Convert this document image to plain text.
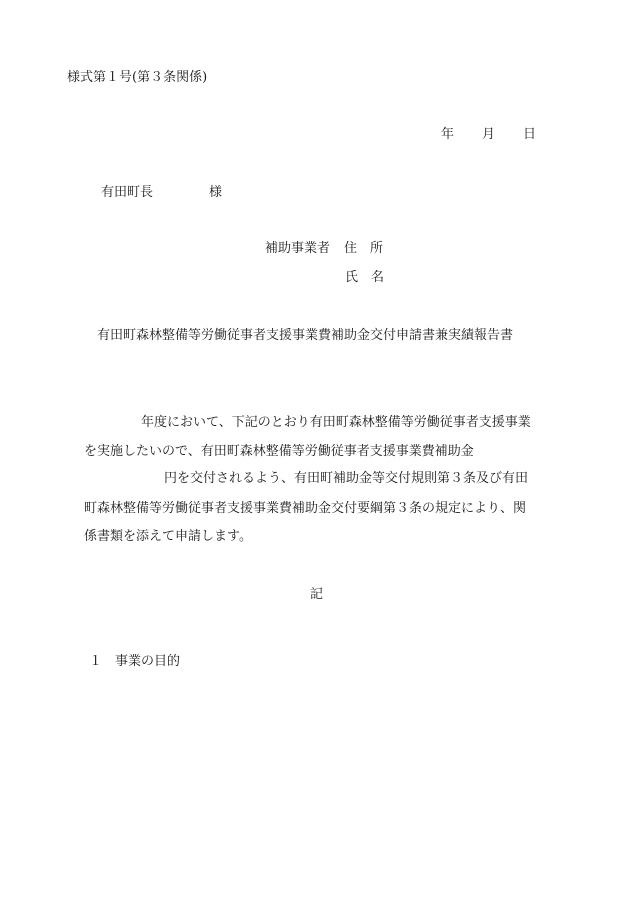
様式第１号(第３条関係)
年 月 日
有田町長	様
補助事業者 住　所
氏　名
有田町森林整備等労働従事者支援事業費補助金交付申請書兼実績報告書
年度において、下記のとおり有田町森林整備等労働従事者支援事業
を実施したいので、有田町森林整備等労働従事者支援事業費補助金
円を交付されるよう、有田町補助金等交付規則第３条及び有田
町森林整備等労働従事者支援事業費補助金交付要綱第３条の規定により、関
係書類を添えて申請します。
記
１ 事業の目的
